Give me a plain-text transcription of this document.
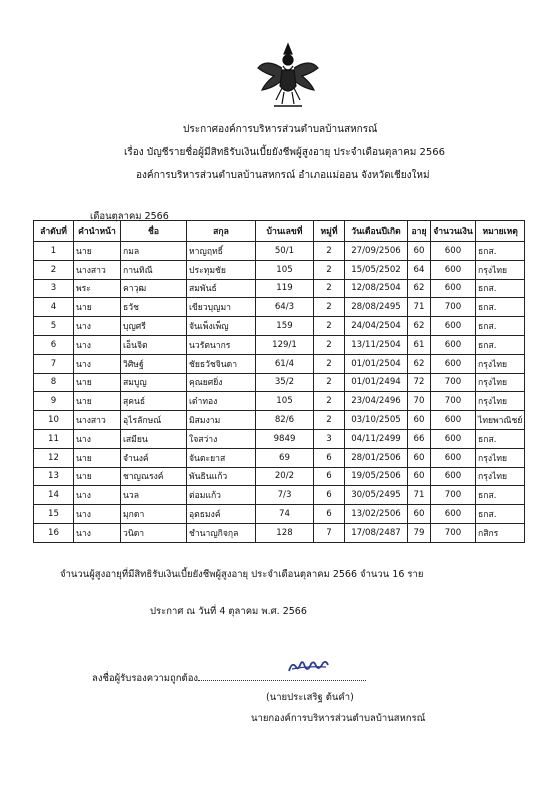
ประกาศองค์การบริหารส่วนตำบลบ้านสหกรณ์
เรื่อง บัญชีรายชื่อผู้มีสิทธิรับเงินเบี้ยยังชีพผู้สูงอายุ ประจำเดือนตุลาคม 2566
องค์การบริหารส่วนตำบลบ้านสหกรณ์ อำเภอแม่ออน จังหวัดเชียงใหม่
เดือนตุลาคม 2566
ลำดับที่	คำนำหน้า	ชื่อ	สกุล	บ้านเลขที่	หมู่ที่	วันเดือนปีเกิด	อายุ	จำนวนเงิน	หมายเหตุ
1	นาย	กมล	หาญฤทธิ์	50/1	2	27/09/2506	60	600	ธกส.
2	นางสาว	กานทิณี	ประทุมชัย	105	2	15/05/2502	64	600	กรุงไทย
3	พระ	คาวุฒ	สมพันธ์	119	2	12/08/2504	62	600	ธกส.
4	นาย	ธวัช	เขียวบุญมา	64/3	2	28/08/2495	71	700	ธกส.
5	นาง	บุญศรี	จันเพ็งเพ็ญ	159	2	24/04/2504	62	600	ธกส.
6	นาง	เอ็นจิต	นวรัตนากร	129/1	2	13/11/2504	61	600	ธกส.
7	นาง	วิศิษฐ์	ชัยธวัชจินดา	61/4	2	01/01/2504	62	600	กรุงไทย
8	นาย	สมบูญ	คุณยศยิ่ง	35/2	2	01/01/2494	72	700	กรุงไทย
9	นาย	สุคนธ์	เต๋าทอง	105	2	23/04/2496	70	700	กรุงไทย
10	นางสาว	อุไรลักษณ์	มิสมงาม	82/6	2	03/10/2505	60	600	ไทยพาณิชย์
11	นาง	เสมียน	ใจสว่าง	9849	3	04/11/2499	66	600	ธกส.
12	นาย	จำนงค์	จันตะยาส	69	6	28/01/2506	60	600	กรุงไทย
13	นาย	ชาญณรงค์	พันธินแก้ว	20/2	6	19/05/2506	60	600	กรุงไทย
14	นาง	นวล	ต่อมแก้ว	7/3	6	30/05/2495	71	700	ธกส.
15	นาง	มุกดา	อุตธมงค์	74	6	13/02/2506	60	600	ธกส.
16	นาง	วนิดา	ชำนาญกิจกุล	128	7	17/08/2487	79	700	กสิกร
จำนวนผู้สูงอายุที่มีสิทธิรับเงินเบี้ยยังชีพผู้สูงอายุ ประจำเดือนตุลาคม 2566 จำนวน 16 ราย
ประกาศ ณ วันที่ 4 ตุลาคม พ.ศ. 2566
ลงชื่อผู้รับรองความถูกต้อง
(นายประเสริฐ ต้นคำ)
นายกองค์การบริหารส่วนตำบลบ้านสหกรณ์
